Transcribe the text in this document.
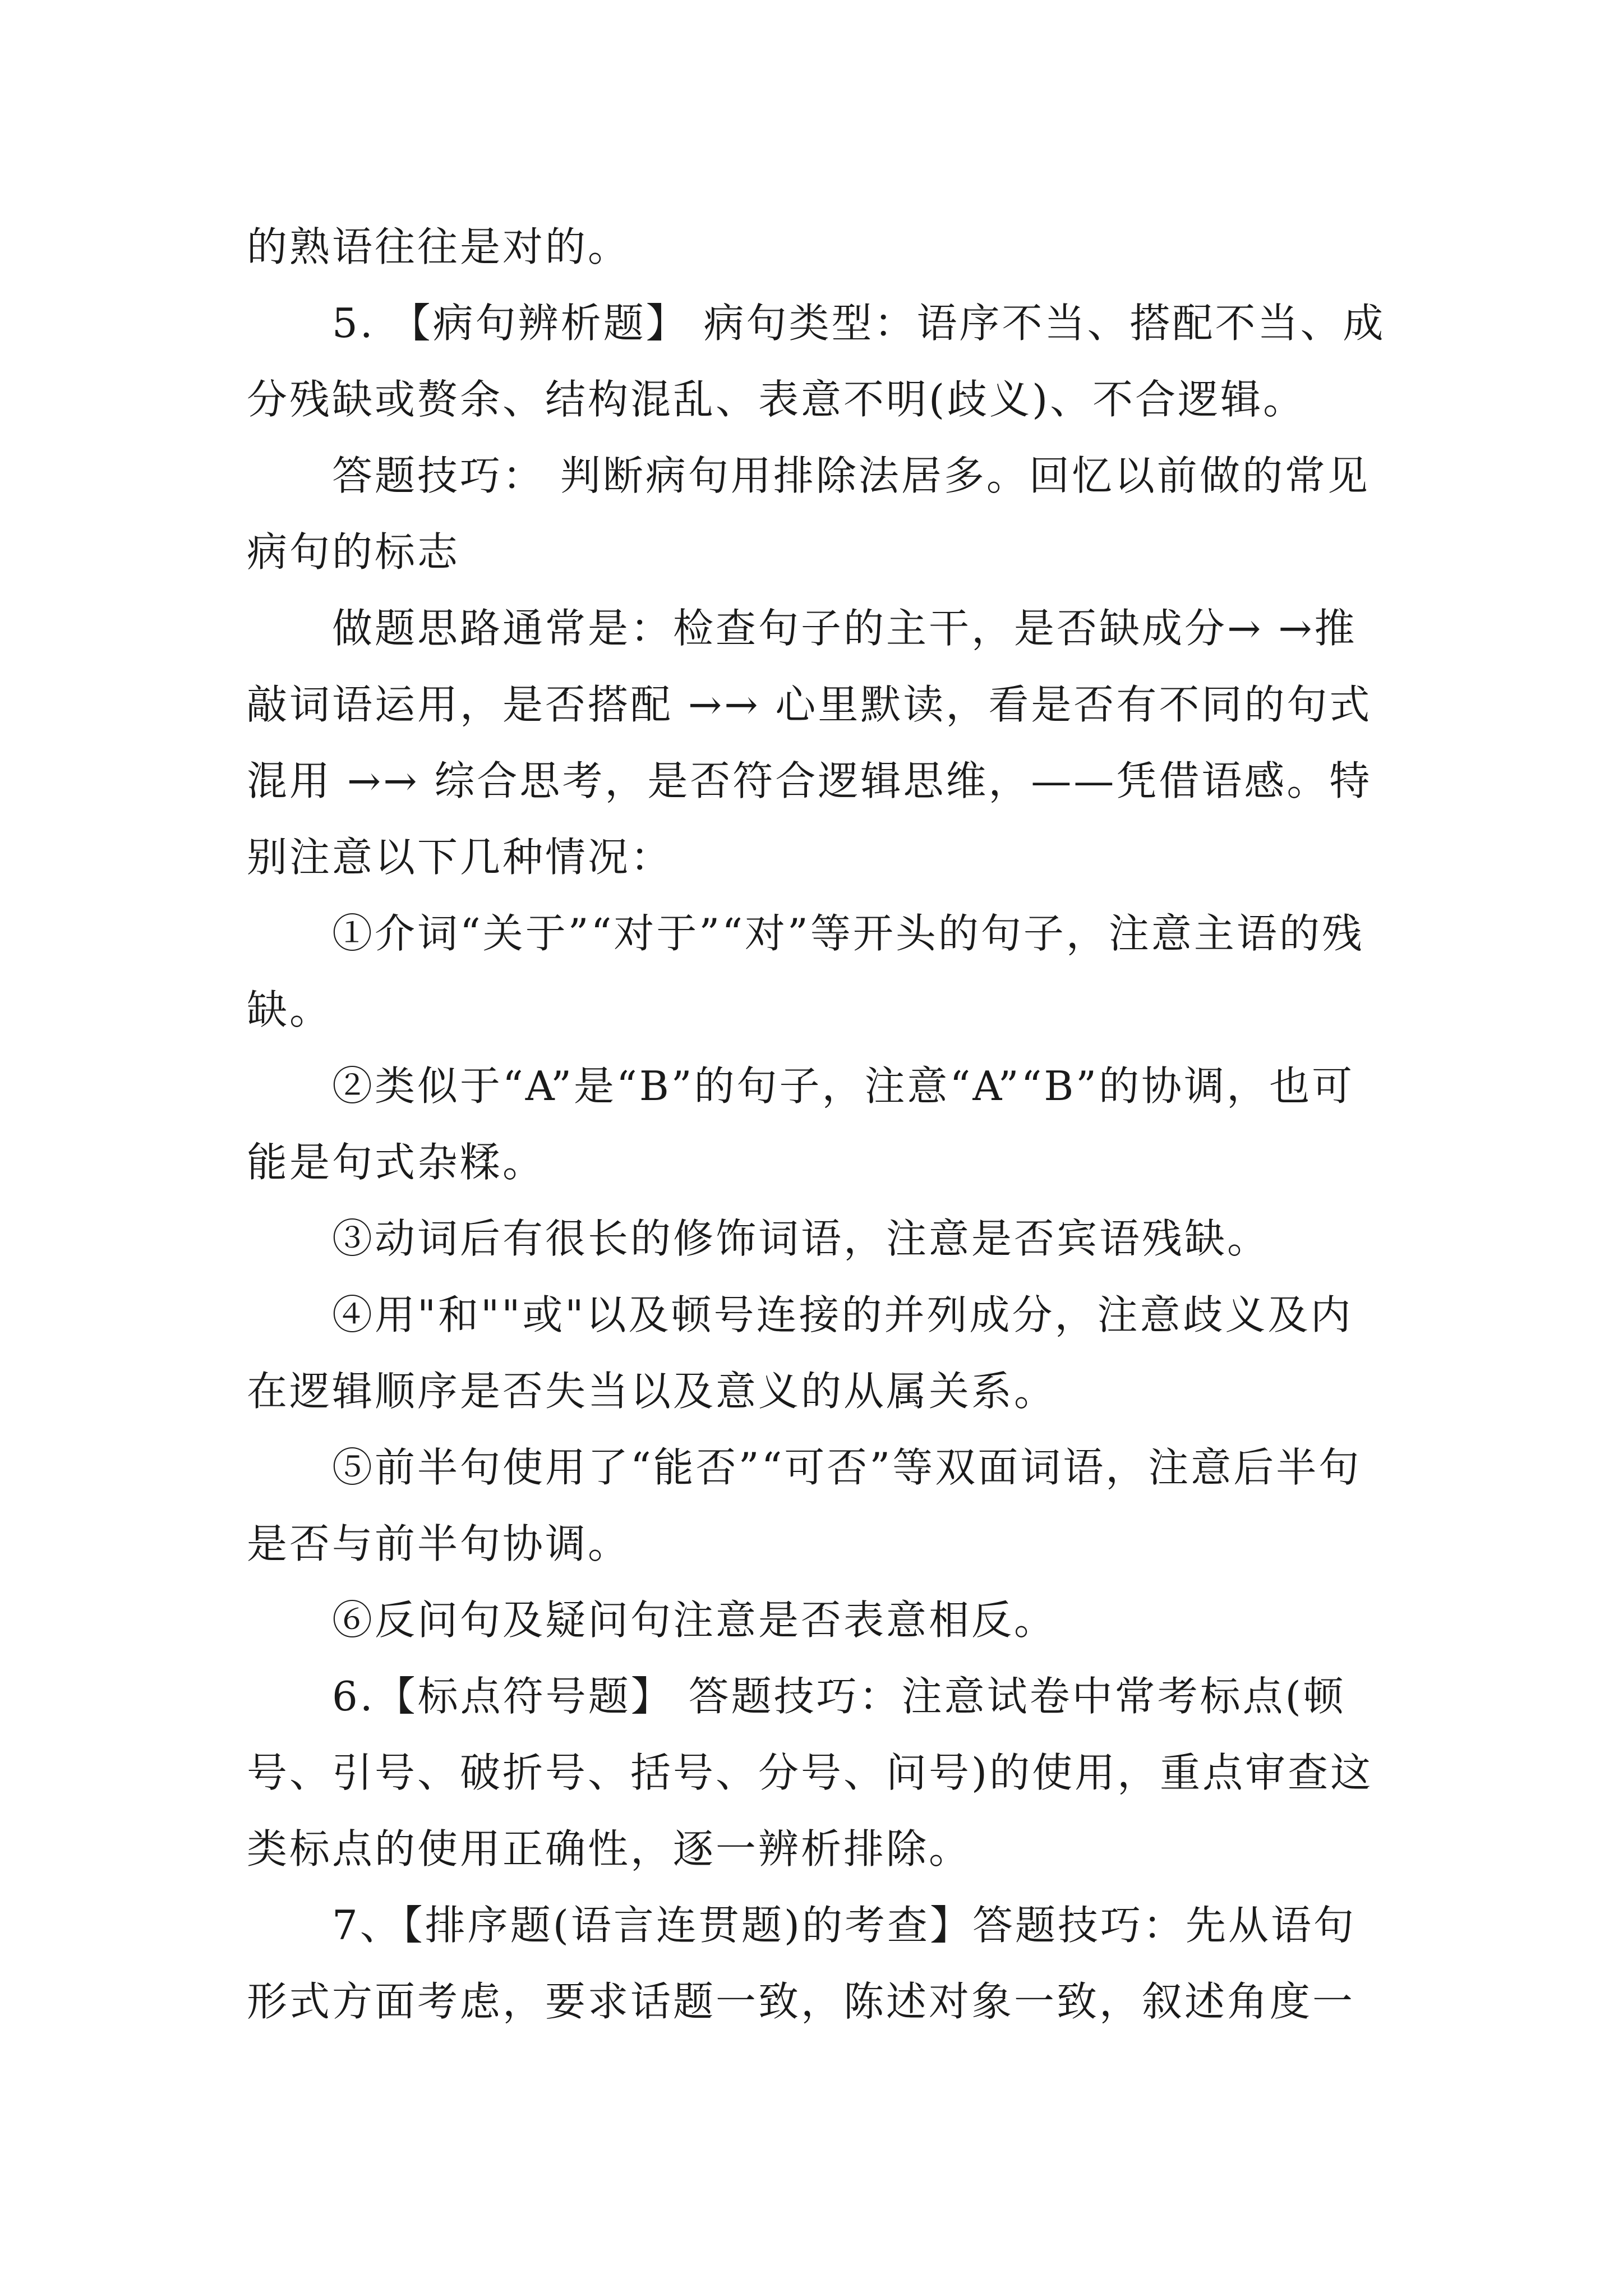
的熟语往往是对的。

5. 【病句辨析题】 病句类型：语序不当、搭配不当、成分残缺或赘余、结构混乱、表意不明(歧义)、不合逻辑。

答题技巧： 判断病句用排除法居多。回忆以前做的常见病句的标志

做题思路通常是：检查句子的主干，是否缺成分→ →推敲词语运用，是否搭配 →→ 心里默读，看是否有不同的句式混用 →→ 综合思考，是否符合逻辑思维，——凭借语感。特别注意以下几种情况：

①介词“关于”“对于”“对”等开头的句子，注意主语的残缺。

②类似于“A”是“B”的句子，注意“A”“B”的协调，也可能是句式杂糅。

③动词后有很长的修饰词语，注意是否宾语残缺。

④用"和""或"以及顿号连接的并列成分，注意歧义及内在逻辑顺序是否失当以及意义的从属关系。

⑤前半句使用了“能否”“可否”等双面词语，注意后半句是否与前半句协调。

⑥反问句及疑问句注意是否表意相反。

6.【标点符号题】 答题技巧：注意试卷中常考标点(顿号、引号、破折号、括号、分号、问号)的使用，重点审查这类标点的使用正确性，逐一辨析排除。

7、【排序题(语言连贯题)的考查】答题技巧：先从语句形式方面考虑，要求话题一致，陈述对象一致，叙述角度一
